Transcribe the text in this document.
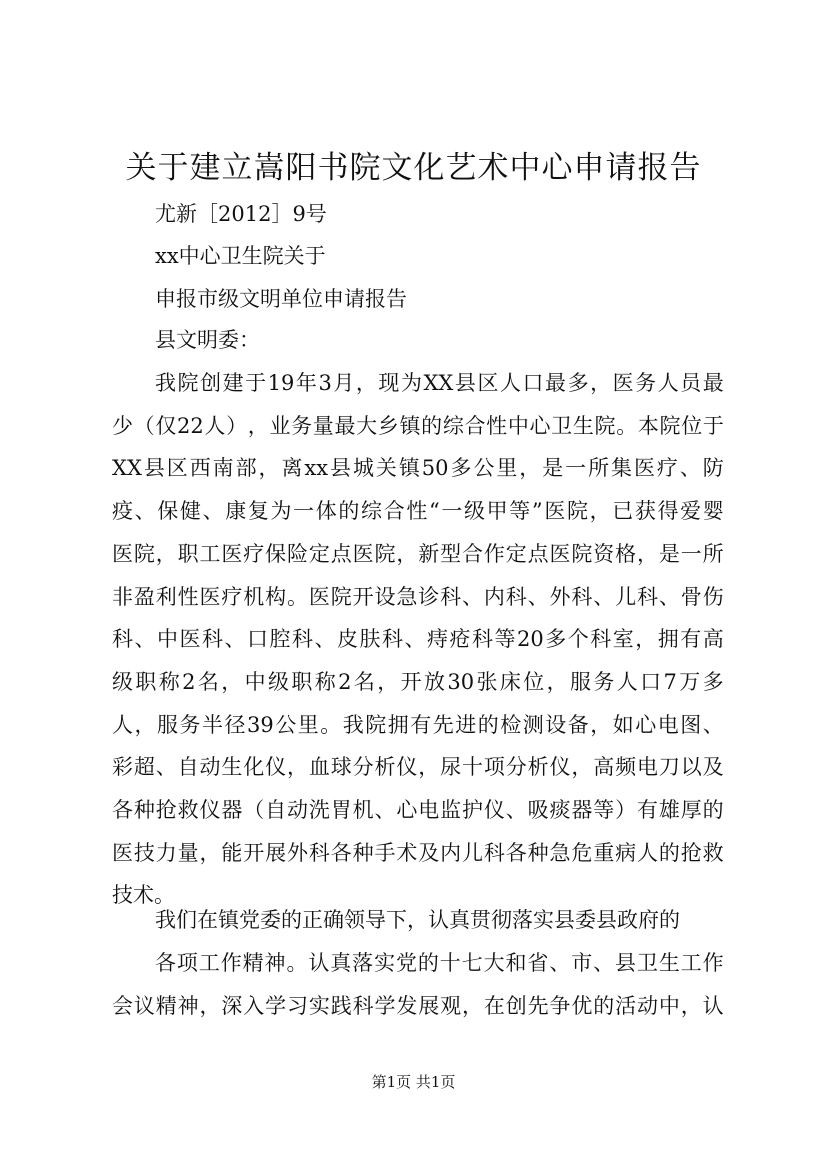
关于建立嵩阳书院文化艺术中心申请报告
尤新［2012］9号
xx中心卫生院关于
申报市级文明单位申请报告
县文明委：
我 院 创 建 于 19 年 3 月 ， 现 为 XX 县 区 人 口 最 多 ， 医 务 人 员 最
少 （ 仅 22 人 ） ， 业 务 量 最 大 乡 镇 的 综 合 性 中 心 卫 生 院 。 本 院 位 于
XX 县 区 西 南 部 ， 离 xx 县 城 关 镇 50 多 公 里 ， 是 一 所 集 医 疗 、 防
疫 、 保 健 、 康 复 为 一 体 的 综 合 性 “ 一 级 甲 等 ” 医 院 ， 已 获 得 爱 婴
医 院 ， 职 工 医 疗 保 险 定 点 医 院 ， 新 型 合 作 定 点 医 院 资 格 ， 是 一 所
非 盈 利 性 医 疗 机 构 。 医 院 开 设 急 诊 科 、 内 科 、 外 科 、 儿 科 、 骨 伤
科 、 中 医 科 、 口 腔 科 、 皮 肤 科 、 痔 疮 科 等 20 多 个 科 室 ， 拥 有 高
级 职 称 2 名 ， 中 级 职 称 2 名 ， 开 放 30 张 床 位 ， 服 务 人 口 7 万 多
人 ， 服 务 半 径 39 公 里 。 我 院 拥 有 先 进 的 检 测 设 备 ， 如 心 电 图 、
彩 超 、 自 动 生 化 仪 ， 血 球 分 析 仪 ， 尿 十 项 分 析 仪 ， 高 频 电 刀 以 及
各 种 抢 救 仪 器 （ 自 动 洗 胃 机 、 心 电 监 护 仪 、 吸 痰 器 等 ） 有 雄 厚 的
医 技 力 量 ， 能 开 展 外 科 各 种 手 术 及 内 儿 科 各 种 急 危 重 病 人 的 抢 救
技术。
我们在镇党委的正确领导下，认真贯彻落实县委县政府的
各 项 工 作 精 神 。 认 真 落 实 党 的 十 七 大 和 省 、 市 、 县 卫 生 工 作
会 议 精 神 ， 深 入 学 习 实 践 科 学 发 展 观 ， 在 创 先 争 优 的 活 动 中 ， 认
第1页 共1页
